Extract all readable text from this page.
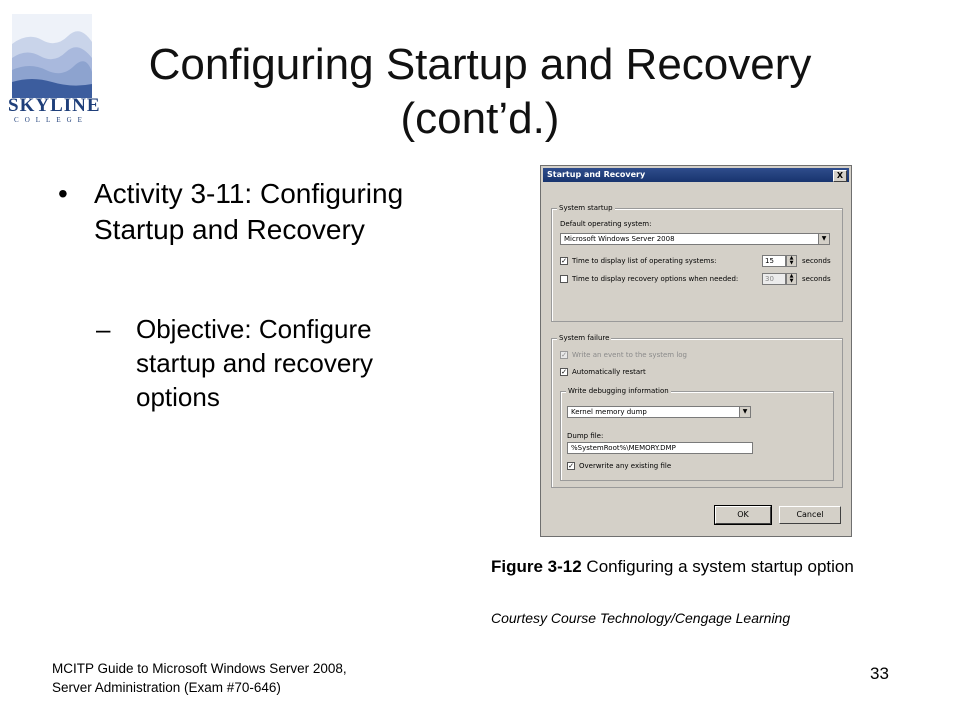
SKYLINE
COLLEGE
Configuring Startup and Recovery
(cont’d.)
• Activity 3-11: Configuring Startup and Recovery
– Objective: Configure startup and recovery options
Startup and Recovery	X
System startup
Default operating system:
Microsoft Windows Server 2008	▼
✓ Time to display list of operating systems:	15	▲
▼	seconds
Time to display recovery options when needed:	30	▲
▼	seconds
System failure
✓ Write an event to the system log
✓ Automatically restart
Write debugging information
Kernel memory dump	▼
Dump file:
%SystemRoot%\MEMORY.DMP
✓ Overwrite any existing file
OK	Cancel
Figure 3-12 Configuring a system startup option
Courtesy Course Technology/Cengage Learning
MCITP Guide to Microsoft Windows Server 2008,
Server Administration (Exam #70-646)
33
